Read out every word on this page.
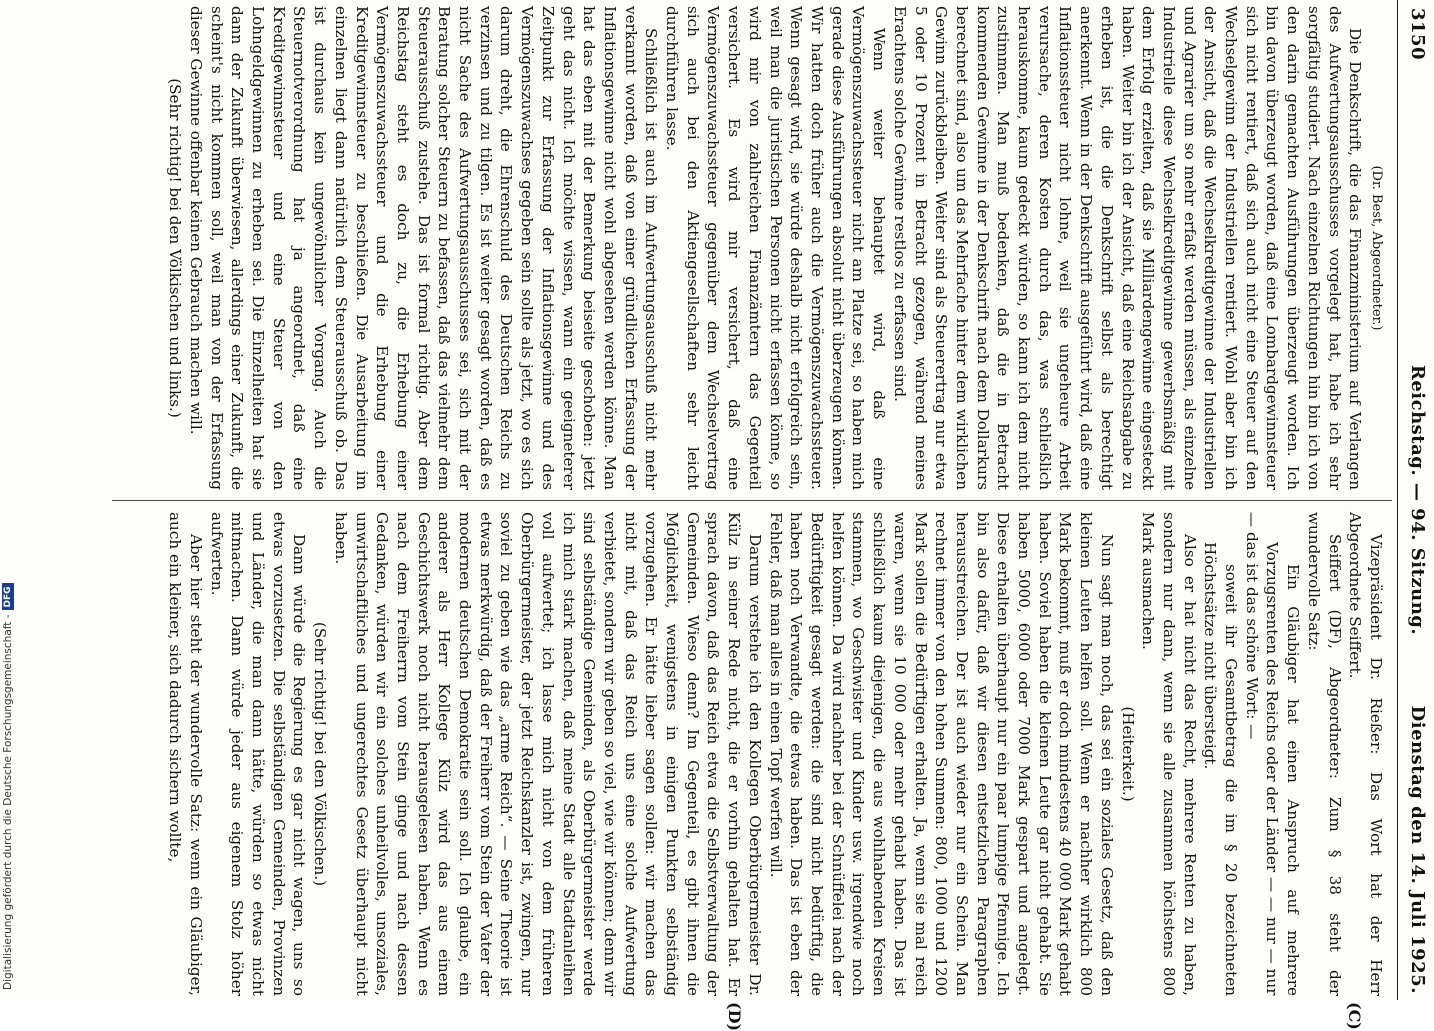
3150
Reichstag. — 94. Sitzung.
Dienstag den 14. Juli 1925.
(C)
(D)

(Dr. Best, Abgeordneter.)

Die Denkschrift, die das Finanzministerium auf Verlangen des Aufwertungsausschusses vorgelegt hat, habe ich sehr sorgfältig studiert. Nach einzelnen Richtungen hin bin ich von den darin gemachten Ausführungen überzeugt worden. Ich bin davon überzeugt worden, daß eine Lombardgewinnsteuer sich nicht rentiert, daß sich auch nicht eine Steuer auf den Wechselgewinn der Industriellen rentiert. Wohl aber bin ich der Ansicht, daß die Wechselkreditgewinne der Industriellen und Agrarier um so mehr erfaßt werden müssen, als einzelne Industrielle diese Wechselkreditgewinne gewerbsmäßig mit dem Erfolg erzielten, daß sie Milliardengewinne eingesteckt haben. Weiter bin ich der Ansicht, daß eine Reichsabgabe zu erheben ist, die die Denkschrift selbst als berechtigt anerkennt. Wenn in der Denkschrift ausgeführt wird, daß eine Inflationssteuer nicht lohne, weil sie ungeheure Arbeit verursache, deren Kosten durch das, was schließlich herauskomme, kaum gedeckt würden, so kann ich dem nicht zustimmen. Man muß bedenken, daß die in Betracht kommenden Gewinne in der Denkschrift nach dem Dollarkurs berechnet sind, also um das Mehrfache hinter dem wirklichen Gewinn zurückbleiben. Weiter sind als Steuerertrag nur etwa 5 oder 10 Prozent in Betracht gezogen, während meines Erachtens solche Gewinne restlos zu erfassen sind.

Wenn weiter behauptet wird, daß eine Vermögenszuwachssteuer nicht am Platze sei, so haben mich gerade diese Ausführungen absolut nicht überzeugen können. Wir hatten doch früher auch die Vermögenszuwachssteuer. Wenn gesagt wird, sie würde deshalb nicht erfolgreich sein, weil man die juristischen Personen nicht erfassen könne, so wird mir von zahlreichen Finanzämtern das Gegenteil versichert. Es wird mir versichert, daß eine Vermögenszuwachssteuer gegenüber dem Wechselvertrag sich auch bei den Aktiengesellschaften sehr leicht durchführen lasse.

Schließlich ist auch im Aufwertungsausschuß nicht mehr verkannt worden, daß von einer gründlichen Erfassung der Inflationsgewinne nicht wohl abgesehen werden könne. Man hat das eben mit der Bemerkung beiseite geschoben: jetzt geht das nicht. Ich möchte wissen, wann ein geeigneterer Zeitpunkt zur Erfassung der Inflationsgewinne und des Vermögenszuwachses gegeben sein sollte als jetzt, wo es sich darum dreht, die Ehrenschuld des Deutschen Reichs zu verzinsen und zu tilgen. Es ist weiter gesagt worden, daß es nicht Sache des Aufwertungsausschusses sei, sich mit der Beratung solcher Steuern zu befassen, daß das vielmehr dem Steuerausschuß zustehe. Das ist formal richtig. Aber dem Reichstag steht es doch zu, die Erhebung einer Vermögenszuwachssteuer und die Erhebung einer Kreditgewinnsteuer zu beschließen. Die Ausarbeitung im einzelnen liegt dann natürlich dem Steuerausschuß ob. Das ist durchaus kein ungewöhnlicher Vorgang. Auch die Steuernotverordnung hat ja angeordnet, daß eine Kreditgewinnsteuer und eine Steuer von den Lohngeldgewinnen zu erheben sei. Die Einzelheiten hat sie dann der Zukunft überwiesen, allerdings einer Zukunft, die scheint's nicht kommen soll, weil man von der Erfassung dieser Gewinne offenbar keinen Gebrauch machen will.

(Sehr richtig! bei den Völkischen und links.)

Vizepräsident Dr. Rießer: Das Wort hat der Herr Abgeordnete Seiffert.

Seiffert (DF), Abgeordneter: Zum § 38 steht der wundervolle Satz:

Ein Gläubiger hat einen Anspruch auf mehrere Vorzugsrenten des Reichs oder der Länder — — nur — nur

— das ist das schöne Wort: —

soweit ihr Gesamtbetrag die im § 20 bezeichneten Höchstsätze nicht übersteigt.

Also er hat nicht das Recht, mehrere Renten zu haben, sondern nur dann, wenn sie alle zusammen höchstens 800 Mark ausmachen.

(Heiterkeit.)

Nun sagt man noch, das sei ein soziales Gesetz, daß den kleinen Leuten helfen soll. Wenn er nachher wirklich 800 Mark bekommt, muß er doch mindestens 40 000 Mark gehabt haben. Soviel haben die kleinen Leute gar nicht gehabt. Sie haben 5000, 6000 oder 7000 Mark gespart und angelegt. Diese erhalten überhaupt nur ein paar lumpige Pfennige. Ich bin also dafür, daß wir diesen entsetzlichen Paragraphen herausstreichen. Der ist auch wieder nur ein Schein. Man rechnet immer von den hohen Summen: 800, 1000 und 1200 Mark sollen die Bedürftigen erhalten. Ja, wenn sie mal reich waren, wenn sie 10 000 oder mehr gehabt haben. Das ist schließlich kaum diejenigen, die aus wohlhabenden Kreisen stammen, wo Geschwister und Kinder usw. irgendwie noch helfen können. Da wird nachher bei der Schnüffelei nach der Bedürftigkeit gesagt werden: die sind nicht bedürftig, die haben noch Verwandte, die etwas haben. Das ist eben der Fehler, daß man alles in einen Topf werfen will.

Darum verstehe ich den Kollegen Oberbürgermeister Dr. Külz in seiner Rede nicht, die er vorhin gehalten hat. Er sprach davon, daß das Reich etwa die Selbstverwaltung der Gemeinden. Wieso denn? Im Gegenteil, es gibt ihnen die Möglichkeit, wenigstens in einigen Punkten selbständig vorzugehen. Er hätte lieber sagen sollen: wir machen das nicht mit, daß das Reich uns eine solche Aufwertung verbietet, sondern wir geben so viel, wie wir können; denn wir sind selbständige Gemeinden, als Oberbürgermeister werde ich mich stark machen, daß meine Stadt alle Stadtanleihen voll aufwertet; ich lasse mich nicht von dem früheren Oberbürgermeister, der jetzt Reichskanzler ist, zwingen, nur soviel zu geben wie das „arme Reich“. — Seine Theorie ist etwas merkwürdig, daß der Freiherr vom Stein der Vater der modernen deutschen Demokratie sein soll. Ich glaube, ein anderer als Herr Kollege Külz wird das aus einem Geschichtswerk noch nicht herausgelesen haben. Wenn es nach dem Freiherrn vom Stein ginge und nach dessen Gedanken, würden wir ein solches unheilvolles, unsoziales, unwirtschaftliches und ungerechtes Gesetz überhaupt nicht haben.

(Sehr richtig! bei den Völkischen.)

Dann würde die Regierung es gar nicht wagen, uns so etwas vorzusetzen. Die selbständigen Gemeinden, Provinzen und Länder, die man dann hätte, würden so etwas nicht mitmachen. Dann würde jeder aus eigenem Stolz höher aufwerten.

Aber hier steht der wundervolle Satz: wenn ein Gläubiger, auch ein kleiner, sich dadurch sichern wollte,

Digitalisierung gefördert durch die Deutsche Forschungsgemeinschaft -DFG
